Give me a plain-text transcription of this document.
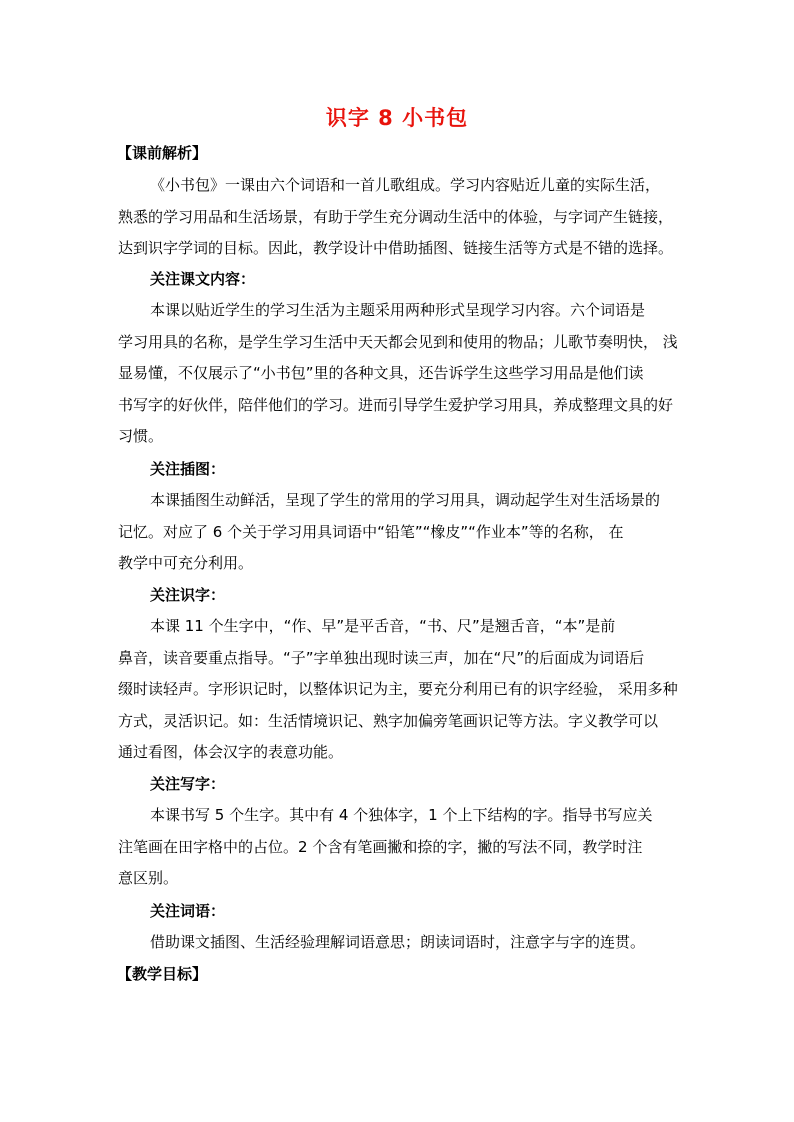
识字 8 小书包
【课前解析】
《小书包》一课由六个词语和一首儿歌组成。学习内容贴近儿童的实际生活，
熟悉的学习用品和生活场景，有助于学生充分调动生活中的体验，与字词产生链接，
达到识字学词的目标。因此，教学设计中借助插图、链接生活等方式是不错的选择。
关注课文内容：
本课以贴近学生的学习生活为主题采用两种形式呈现学习内容。六个词语是
学习用具的名称，是学生学习生活中天天都会见到和使用的物品；儿歌节奏明快， 浅
显易懂，不仅展示了“小书包”里的各种文具，还告诉学生这些学习用品是他们读
书写字的好伙伴，陪伴他们的学习。进而引导学生爱护学习用具，养成整理文具的好
习惯。
关注插图：
本课插图生动鲜活，呈现了学生的常用的学习用具，调动起学生对生活场景的
记忆。对应了 6 个关于学习用具词语中“铅笔”“橡皮”“作业本”等的名称， 在
教学中可充分利用。
关注识字：
本课 11 个生字中，“作、早”是平舌音，“书、尺”是翘舌音，“本”是前
鼻音，读音要重点指导。“子”字单独出现时读三声，加在“尺”的后面成为词语后
缀时读轻声。字形识记时，以整体识记为主，要充分利用已有的识字经验， 采用多种
方式，灵活识记。如：生活情境识记、熟字加偏旁笔画识记等方法。字义教学可以
通过看图，体会汉字的表意功能。
关注写字：
本课书写 5 个生字。其中有 4 个独体字，1 个上下结构的字。指导书写应关
注笔画在田字格中的占位。2 个含有笔画撇和捺的字，撇的写法不同，教学时注
意区别。
关注词语：
借助课文插图、生活经验理解词语意思；朗读词语时，注意字与字的连贯。
【教学目标】
